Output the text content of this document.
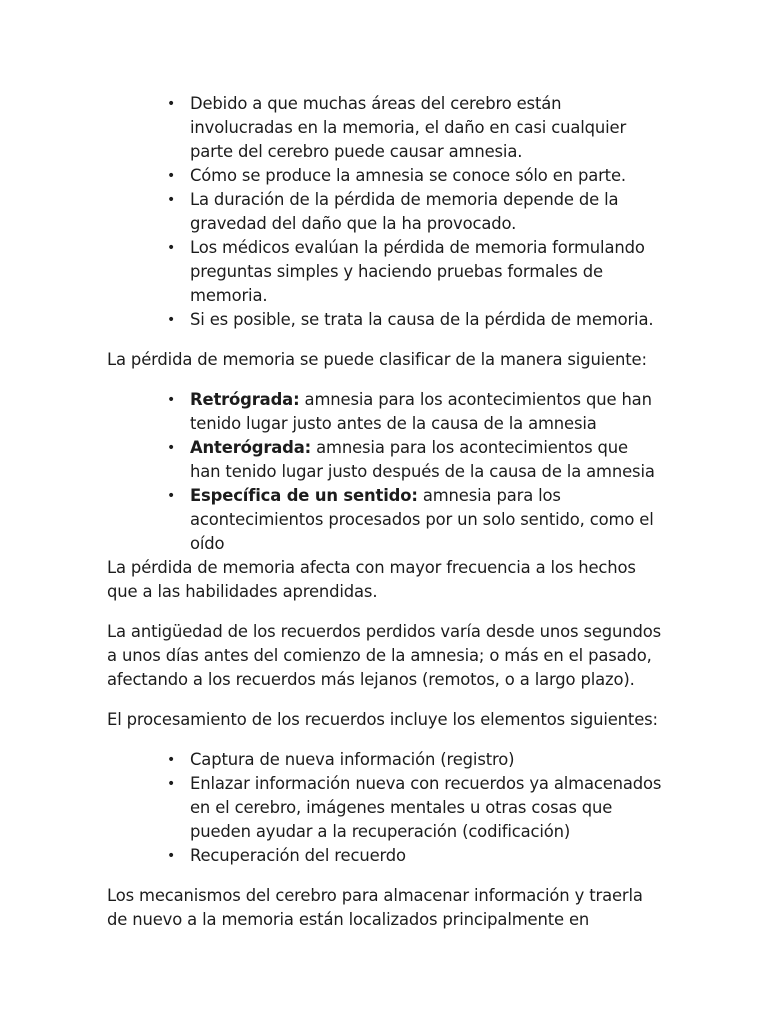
• Debido a que muchas áreas del cerebro están involucradas en la memoria, el daño en casi cualquier parte del cerebro puede causar amnesia.
• Cómo se produce la amnesia se conoce sólo en parte.
• La duración de la pérdida de memoria depende de la gravedad del daño que la ha provocado.
• Los médicos evalúan la pérdida de memoria formulando preguntas simples y haciendo pruebas formales de memoria.
• Si es posible, se trata la causa de la pérdida de memoria.

La pérdida de memoria se puede clasificar de la manera siguiente:

• Retrógrada: amnesia para los acontecimientos que han tenido lugar justo antes de la causa de la amnesia
• Anterógrada: amnesia para los acontecimientos que han tenido lugar justo después de la causa de la amnesia
• Específica de un sentido: amnesia para los acontecimientos procesados por un solo sentido, como el oído

La pérdida de memoria afecta con mayor frecuencia a los hechos que a las habilidades aprendidas.

La antigüedad de los recuerdos perdidos varía desde unos segundos a unos días antes del comienzo de la amnesia; o más en el pasado, afectando a los recuerdos más lejanos (remotos, o a largo plazo).

El procesamiento de los recuerdos incluye los elementos siguientes:

• Captura de nueva información (registro)
• Enlazar información nueva con recuerdos ya almacenados en el cerebro, imágenes mentales u otras cosas que pueden ayudar a la recuperación (codificación)
• Recuperación del recuerdo

Los mecanismos del cerebro para almacenar información y traerla de nuevo a la memoria están localizados principalmente en
